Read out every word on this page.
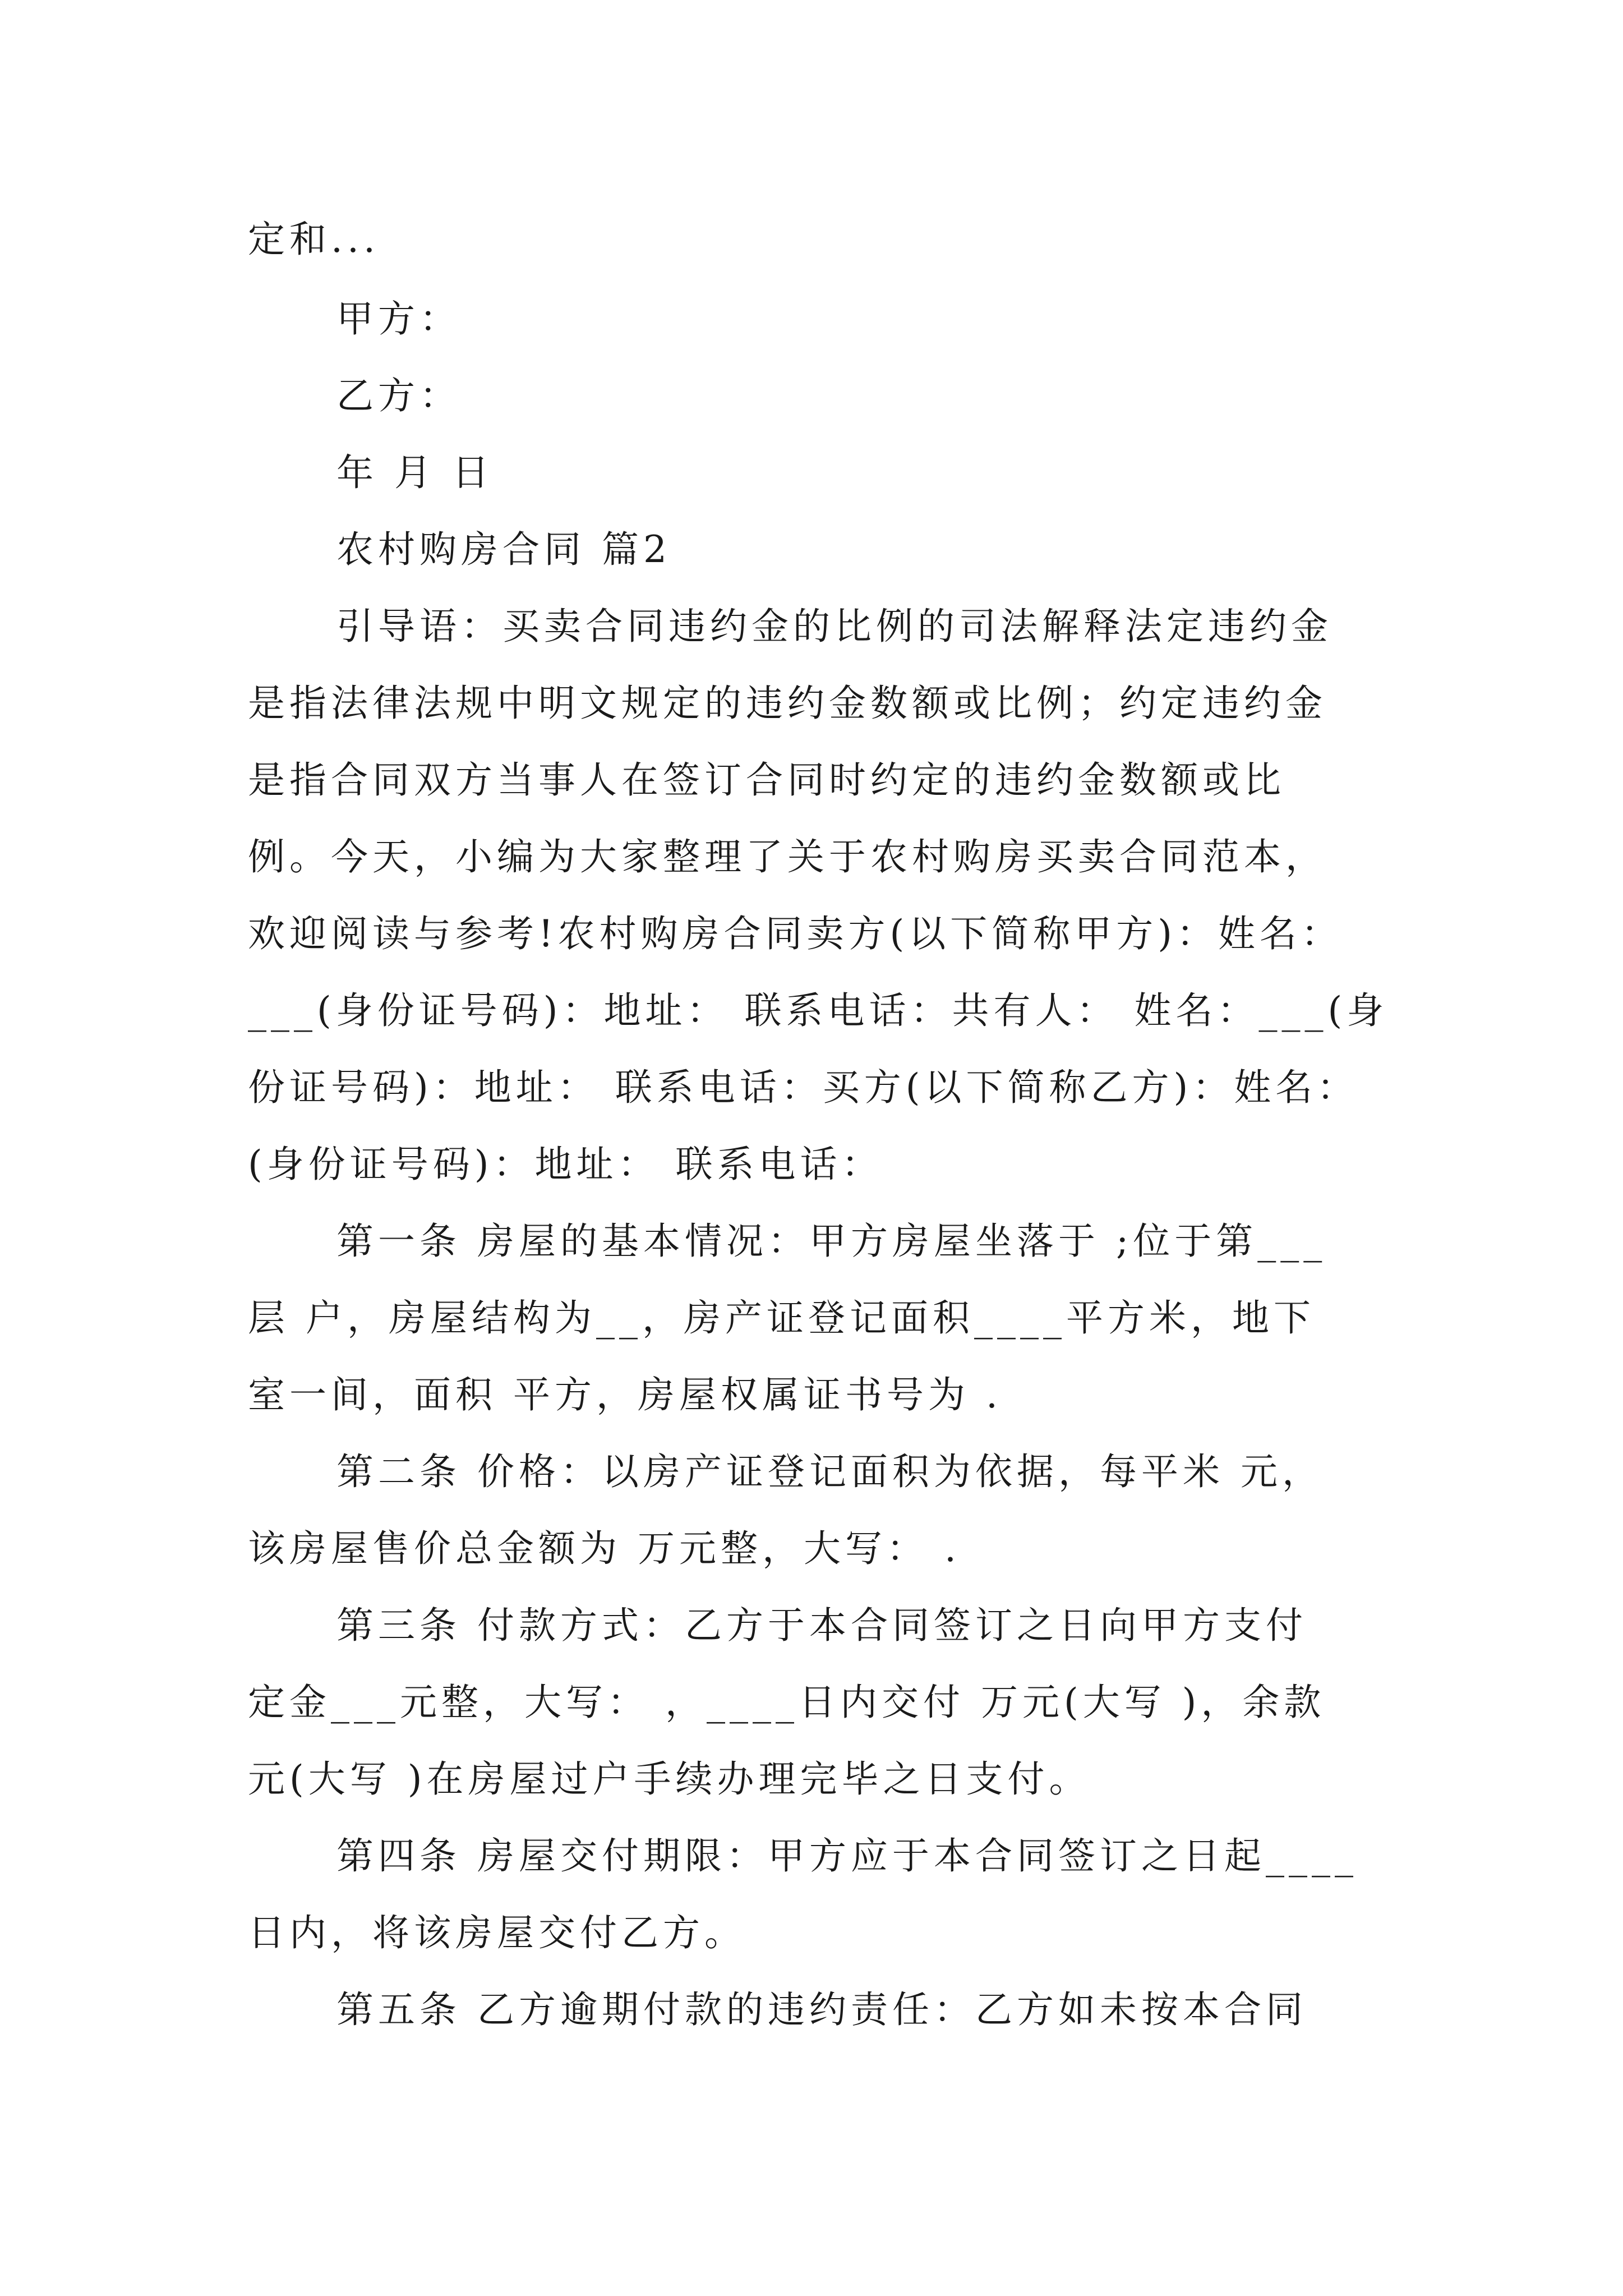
定和...

甲方：

乙方：

年 月 日

农村购房合同 篇2

引导语：买卖合同违约金的比例的司法解释法定违约金

是指法律法规中明文规定的违约金数额或比例；约定违约金

是指合同双方当事人在签订合同时约定的违约金数额或比

例。今天，小编为大家整理了关于农村购房买卖合同范本，

欢迎阅读与参考!农村购房合同卖方(以下简称甲方)：姓名：

___(身份证号码)：地址： 联系电话：共有人： 姓名：___(身

份证号码)：地址： 联系电话：买方(以下简称乙方)：姓名：

(身份证号码)：地址： 联系电话：

第一条 房屋的基本情况：甲方房屋坐落于 ;位于第___

层 户，房屋结构为__，房产证登记面积____平方米，地下

室一间，面积 平方，房屋权属证书号为 .

第二条 价格：以房产证登记面积为依据，每平米 元，

该房屋售价总金额为 万元整，大写： .

第三条 付款方式：乙方于本合同签订之日向甲方支付

定金___元整，大写： ，____日内交付 万元(大写 )，余款

元(大写 )在房屋过户手续办理完毕之日支付。

第四条 房屋交付期限：甲方应于本合同签订之日起____

日内，将该房屋交付乙方。

第五条 乙方逾期付款的违约责任：乙方如未按本合同
